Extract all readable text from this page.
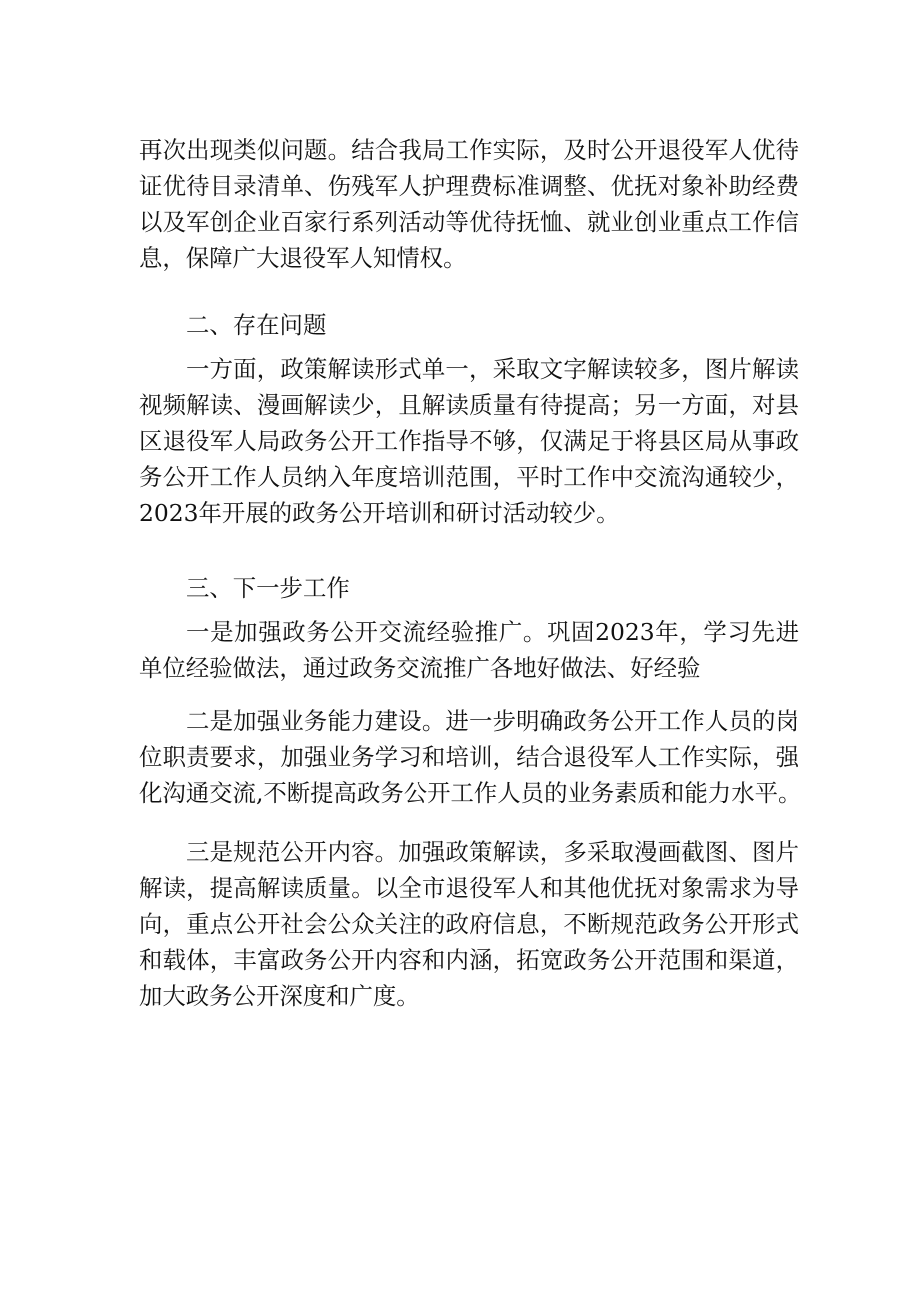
再次出现类似问题。结合我局工作实际，及时公开退役军人优待
证优待目录清单、伤残军人护理费标准调整、优抚对象补助经费
以及军创企业百家行系列活动等优待抚恤、就业创业重点工作信
息，保障广大退役军人知情权。
二、存在问题
一方面，政策解读形式单一，采取文字解读较多，图片解读
视频解读、漫画解读少，且解读质量有待提高；另一方面，对县
区退役军人局政务公开工作指导不够，仅满足于将县区局从事政
务公开工作人员纳入年度培训范围，平时工作中交流沟通较少，
2023年开展的政务公开培训和研讨活动较少。
三、下一步工作
一是加强政务公开交流经验推广。巩固2023年，学习先进
单位经验做法，通过政务交流推广各地好做法、好经验
二是加强业务能力建设。进一步明确政务公开工作人员的岗
位职责要求，加强业务学习和培训，结合退役军人工作实际，强
化沟通交流,不断提高政务公开工作人员的业务素质和能力水平。
三是规范公开内容。加强政策解读，多采取漫画截图、图片
解读，提高解读质量。以全市退役军人和其他优抚对象需求为导
向，重点公开社会公众关注的政府信息，不断规范政务公开形式
和载体，丰富政务公开内容和内涵，拓宽政务公开范围和渠道，
加大政务公开深度和广度。
